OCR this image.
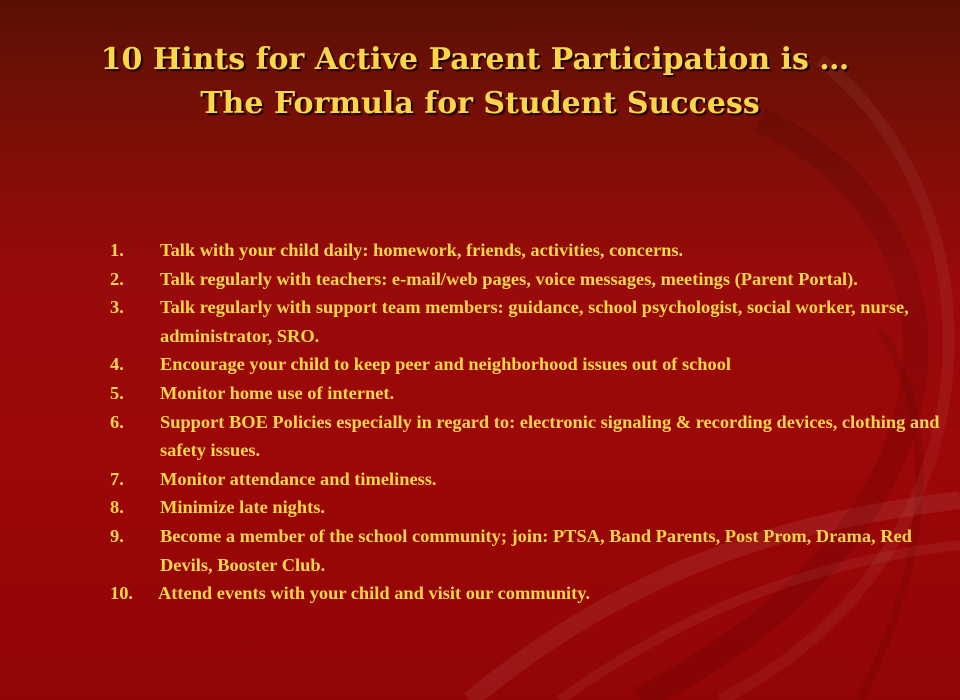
10 Hints for Active Parent Participation is …
The Formula for Student Success
1.	Talk with your child daily: homework, friends, activities, concerns.
2.	Talk regularly with teachers: e-mail/web pages, voice messages, meetings (Parent Portal).
3.	Talk regularly with support team members: guidance, school psychologist, social worker, nurse, administrator, SRO.
4.	Encourage your child to keep peer and neighborhood issues out of school
5.	Monitor home use of internet.
6.	Support BOE Policies especially in regard to: electronic signaling & recording devices, clothing and safety issues.
7.	Monitor attendance and timeliness.
8.	Minimize late nights.
9.	Become a member of the school community; join: PTSA, Band Parents, Post Prom, Drama, Red Devils, Booster Club.
10.	Attend events with your child and visit our community.
